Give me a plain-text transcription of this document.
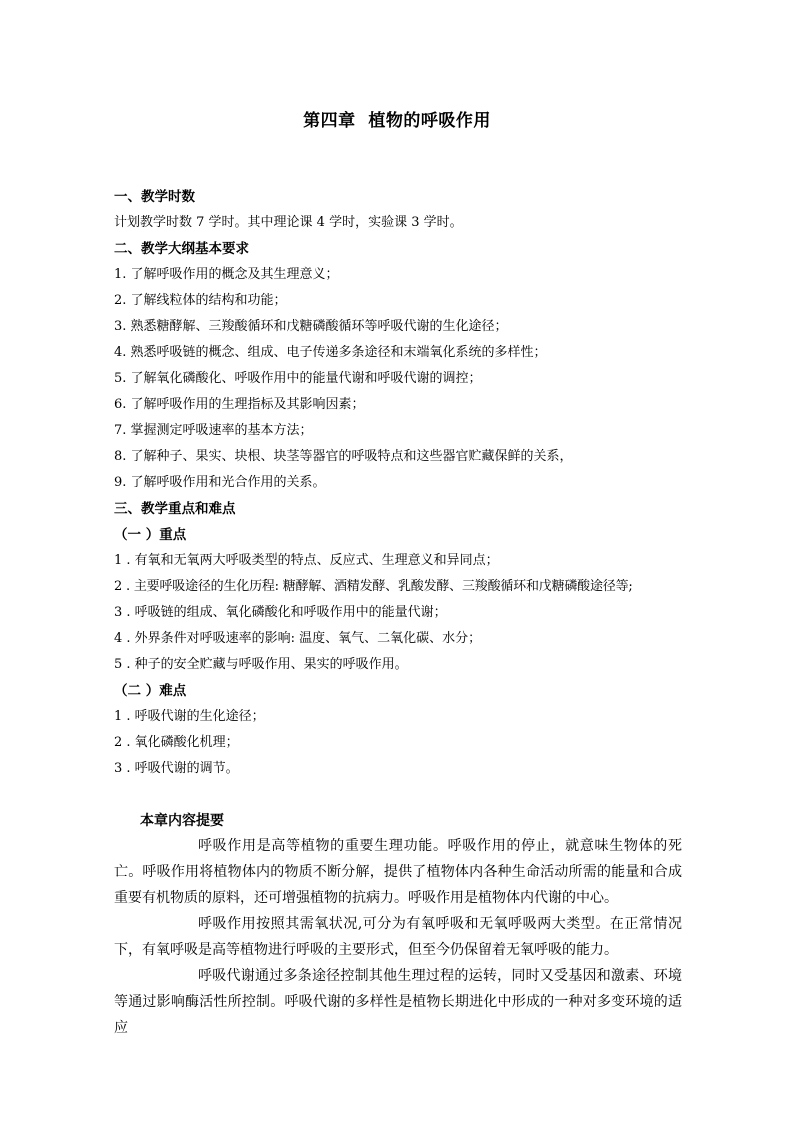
第四章  植物的呼吸作用
一、教学时数
计划教学时数 7 学时。其中理论课 4 学时，实验课 3 学时。
二、教学大纲基本要求
1. 了解呼吸作用的概念及其生理意义；
2. 了解线粒体的结构和功能；
3. 熟悉糖酵解、三羧酸循环和戊糖磷酸循环等呼吸代谢的生化途径；
4. 熟悉呼吸链的概念、组成、电子传递多条途径和末端氧化系统的多样性；
5. 了解氧化磷酸化、呼吸作用中的能量代谢和呼吸代谢的调控；
6. 了解呼吸作用的生理指标及其影响因素；
7. 掌握测定呼吸速率的基本方法；
8. 了解种子、果实、块根、块茎等器官的呼吸特点和这些器官贮藏保鲜的关系，
9. 了解呼吸作用和光合作用的关系。
三、教学重点和难点
（一 ）重点
1 . 有氧和无氧两大呼吸类型的特点、反应式、生理意义和异同点；
2 . 主要呼吸途径的生化历程: 糖酵解、酒精发酵、乳酸发酵、三羧酸循环和戊糖磷酸途径等;
3 . 呼吸链的组成、氧化磷酸化和呼吸作用中的能量代谢；
4 . 外界条件对呼吸速率的影响: 温度、氧气、二氧化碳、水分；
5 . 种子的安全贮藏与呼吸作用、果实的呼吸作用。
（二 ）难点
1 . 呼吸代谢的生化途径；
2 . 氧化磷酸化机理；
3 . 呼吸代谢的调节。
本章内容提要

呼吸作用是高等植物的重要生理功能。呼吸作用的停止，就意味生物体的死亡。呼吸作用将植物体内的物质不断分解，提供了植物体内各种生命活动所需的能量和合成重要有机物质的原料，还可增强植物的抗病力。呼吸作用是植物体内代谢的中心。

呼吸作用按照其需氧状况,可分为有氧呼吸和无氧呼吸两大类型。在正常情况下，有氧呼吸是高等植物进行呼吸的主要形式，但至今仍保留着无氧呼吸的能力。

呼吸代谢通过多条途径控制其他生理过程的运转，同时又受基因和激素、环境等通过影响酶活性所控制。呼吸代谢的多样性是植物长期进化中形成的一种对多变环境的适应
